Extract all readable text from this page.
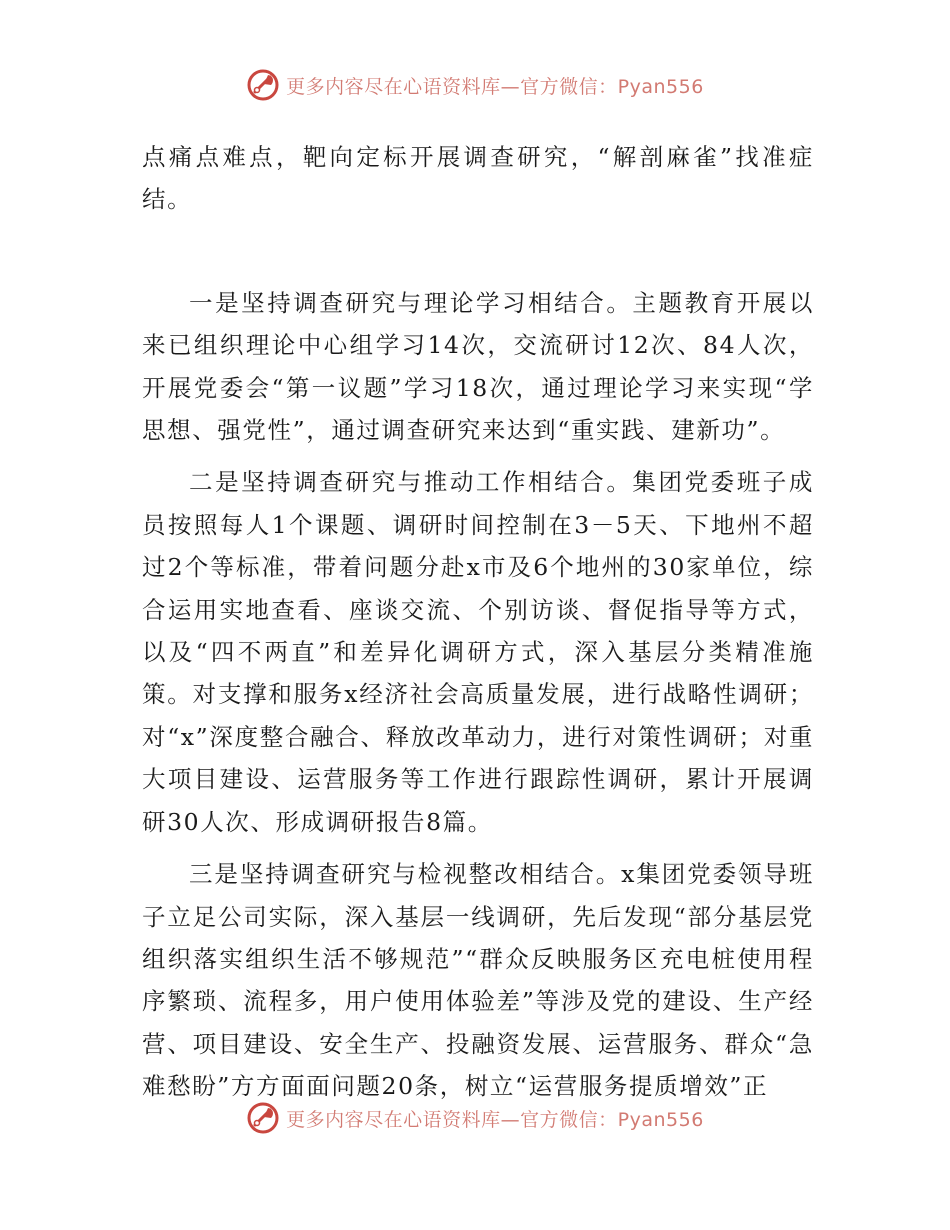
更多内容尽在心语资料库—官方微信：Pyan556

点痛点难点，靶向定标开展调查研究，“解剖麻雀”找准症结。

一是坚持调查研究与理论学习相结合。主题教育开展以来已组织理论中心组学习14次，交流研讨12次、84人次，开展党委会“第一议题”学习18次，通过理论学习来实现“学思想、强党性”，通过调查研究来达到“重实践、建新功”。

二是坚持调查研究与推动工作相结合。集团党委班子成员按照每人1个课题、调研时间控制在3－5天、下地州不超过2个等标准，带着问题分赴x市及6个地州的30家单位，综合运用实地查看、座谈交流、个别访谈、督促指导等方式，以及“四不两直”和差异化调研方式，深入基层分类精准施策。对支撑和服务x经济社会高质量发展，进行战略性调研；对“x”深度整合融合、释放改革动力，进行对策性调研；对重大项目建设、运营服务等工作进行跟踪性调研，累计开展调研30人次、形成调研报告8篇。

三是坚持调查研究与检视整改相结合。x集团党委领导班子立足公司实际，深入基层一线调研，先后发现“部分基层党组织落实组织生活不够规范”“群众反映服务区充电桩使用程序繁琐、流程多，用户使用体验差”等涉及党的建设、生产经营、项目建设、安全生产、投融资发展、运营服务、群众“急难愁盼”方方面面问题20条，树立“运营服务提质增效”正

更多内容尽在心语资料库—官方微信：Pyan556
